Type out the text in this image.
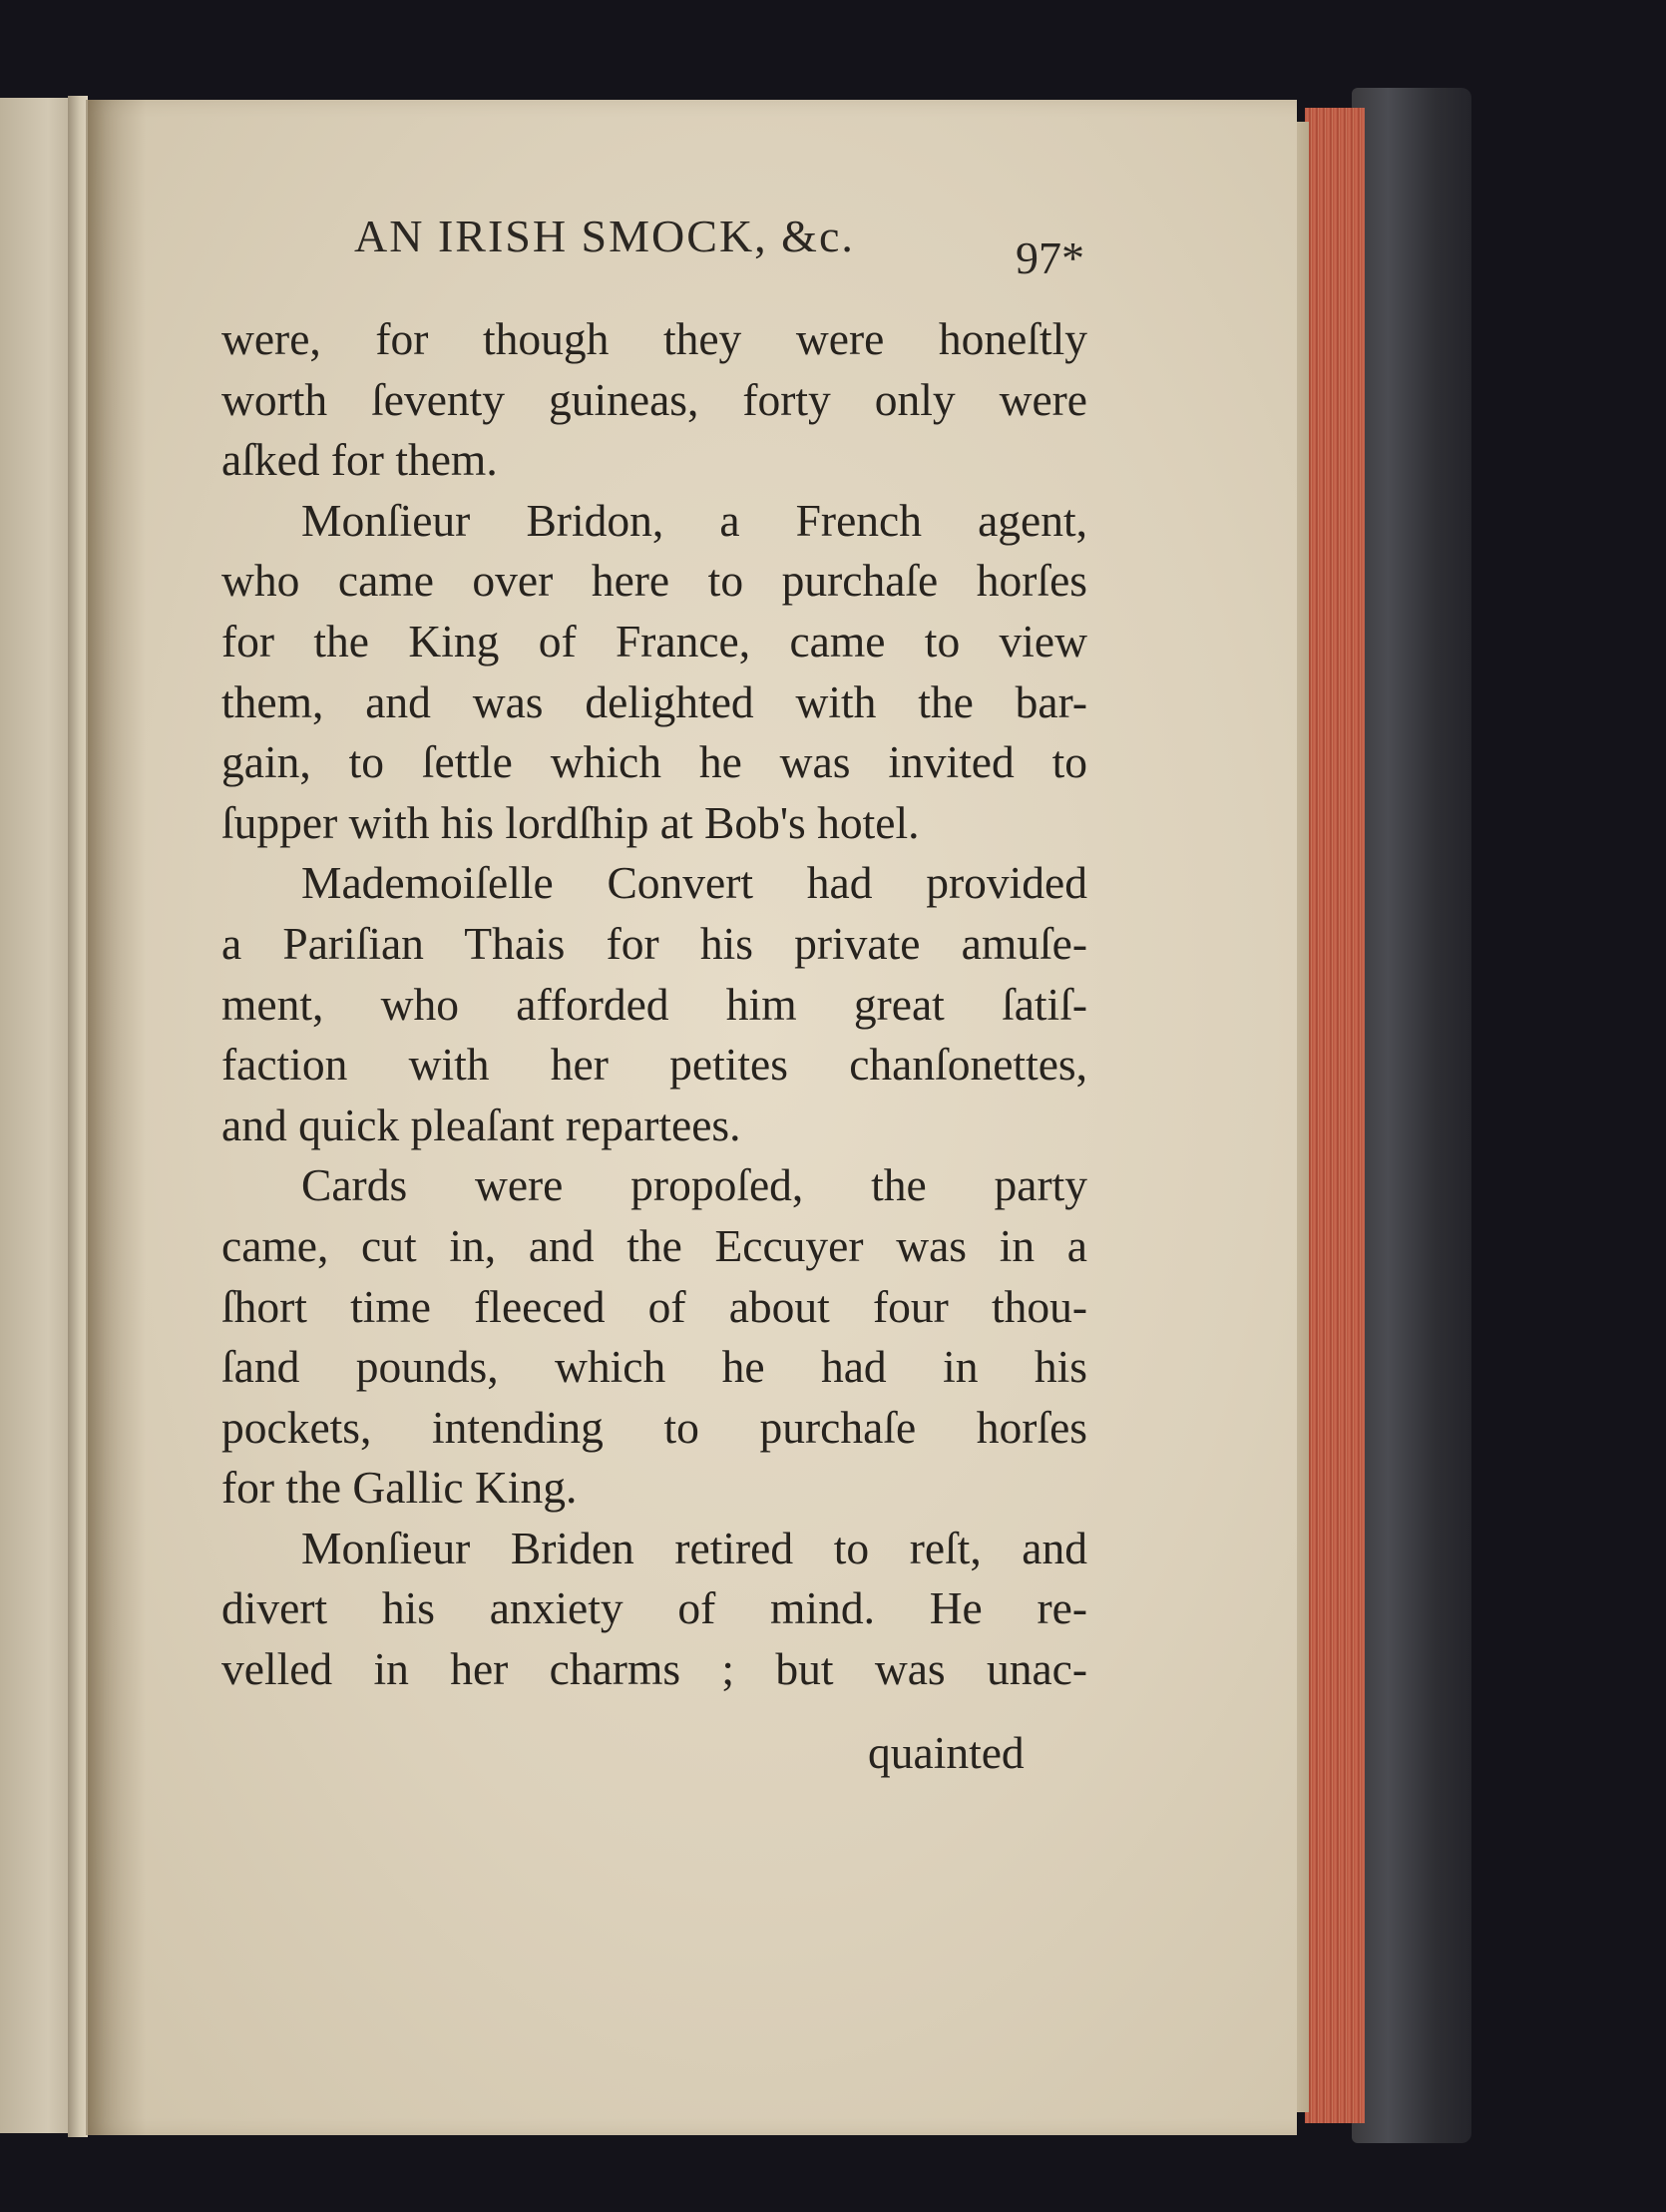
AN IRISH SMOCK, &c.	97*
were, for though they were honeſtly
worth ſeventy guineas, forty only were
aſked for them.
Monſieur Bridon, a French agent,
who came over here to purchaſe horſes
for the King of France, came to view
them, and was delighted with the bar-
gain, to ſettle which he was invited to
ſupper with his lordſhip at Bob's hotel.
Mademoiſelle Convert had provided
a Pariſian Thais for his private amuſe-
ment, who afforded him great ſatiſ-
faction with her petites chanſonettes,
and quick pleaſant repartees.
Cards were propoſed, the party
came, cut in, and the Eccuyer was in a
ſhort time fleeced of about four thou-
ſand pounds, which he had in his
pockets, intending to purchaſe horſes
for the Gallic King.
Monſieur Briden retired to reſt, and
divert his anxiety of mind. He re-
velled in her charms ; but was unac-
quainted
